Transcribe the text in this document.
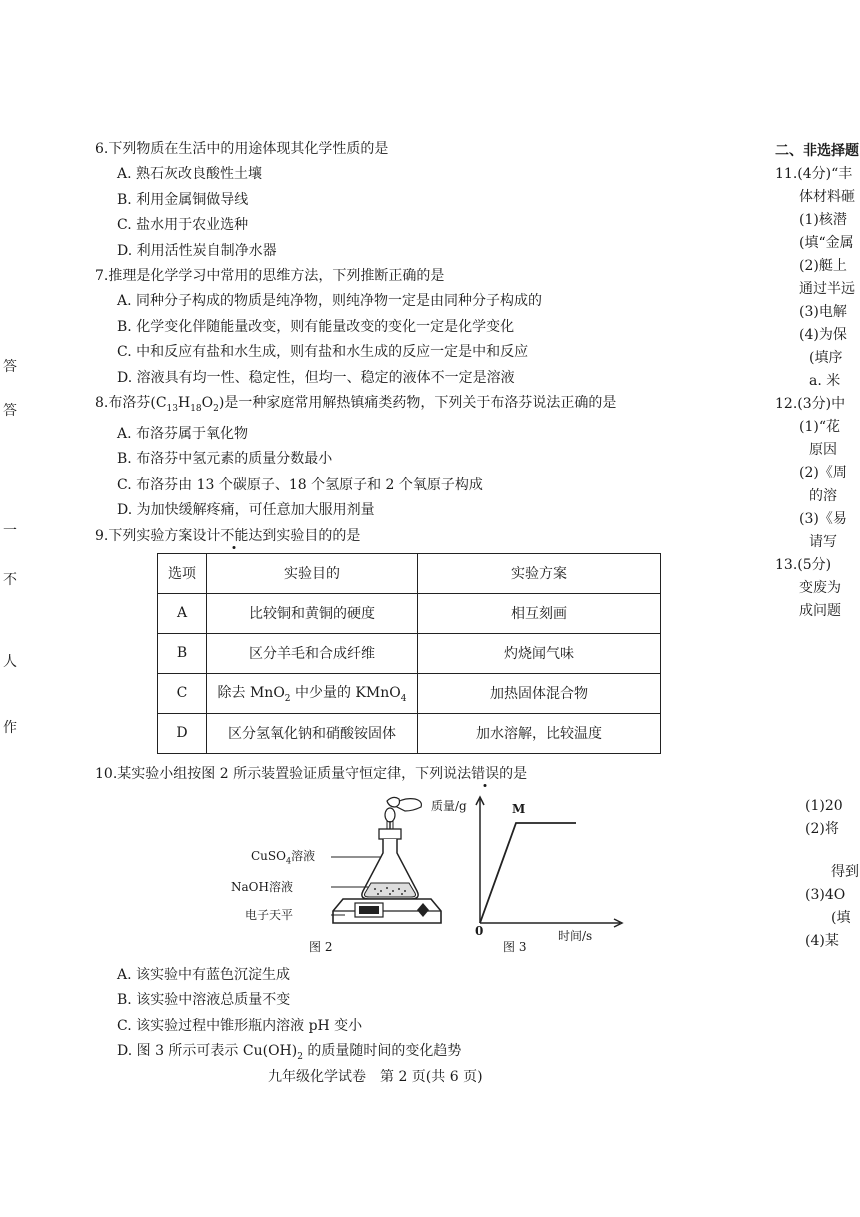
答
答
一
不
人
作
6.下列物质在生活中的用途体现其化学性质的是
A. 熟石灰改良酸性土壤
B. 利用金属铜做导线
C. 盐水用于农业选种
D. 利用活性炭自制净水器
7.推理是化学学习中常用的思维方法，下列推断正确的是
A. 同种分子构成的物质是纯净物，则纯净物一定是由同种分子构成的
B. 化学变化伴随能量改变，则有能量改变的变化一定是化学变化
C. 中和反应有盐和水生成，则有盐和水生成的反应一定是中和反应
D. 溶液具有均一性、稳定性，但均一、稳定的液体不一定是溶液
8.布洛芬$(C_{13}H_{18}O_2)$是一种家庭常用解热镇痛类药物，下列关于布洛芬说法正确的是
A. 布洛芬属于氧化物
B. 布洛芬中氢元素的质量分数最小
C. 布洛芬由 13 个碳原子、18 个氢原子和 2 个氧原子构成
D. 为加快缓解疼痛，可任意加大服用剂量
9.下列实验方案设计不能达到实验目的的是
选项	实验目的	实验方案
A	比较铜和黄铜的硬度	相互刻画
B	区分羊毛和合成纤维	灼烧闻气味
C	除去 MnO$_2$ 中少量的 KMnO$_4$	加热固体混合物
D	区分氢氧化钠和硝酸铵固体	加水溶解，比较温度
10.某实验小组按图 2 所示装置验证质量守恒定律，下列说法错误的是
CuSO$_4$溶液
NaOH溶液
电子天平
图 2
质量/g	M
0	时间/s
图 3
A. 该实验中有蓝色沉淀生成
B. 该实验中溶液总质量不变
C. 该实验过程中锥形瓶内溶液 pH 变小
D. 图 3 所示可表示 $Cu(OH)_2$ 的质量随时间的变化趋势
九年级化学试卷　第 2 页(共 6 页)
二、非选择题
11.(4分)“丰
体材料砸
(1)核潜
(填“金属
(2)艇上
通过半远
(3)电解
(4)为保
(填序
a. 米
12.(3分)中
(1)“花
原因
(2)《周
的溶
(3)《易
请写
13.(5分)
变废为
成问题
(1)20
(2)将
得到
(3)4O
(填
(4)某
